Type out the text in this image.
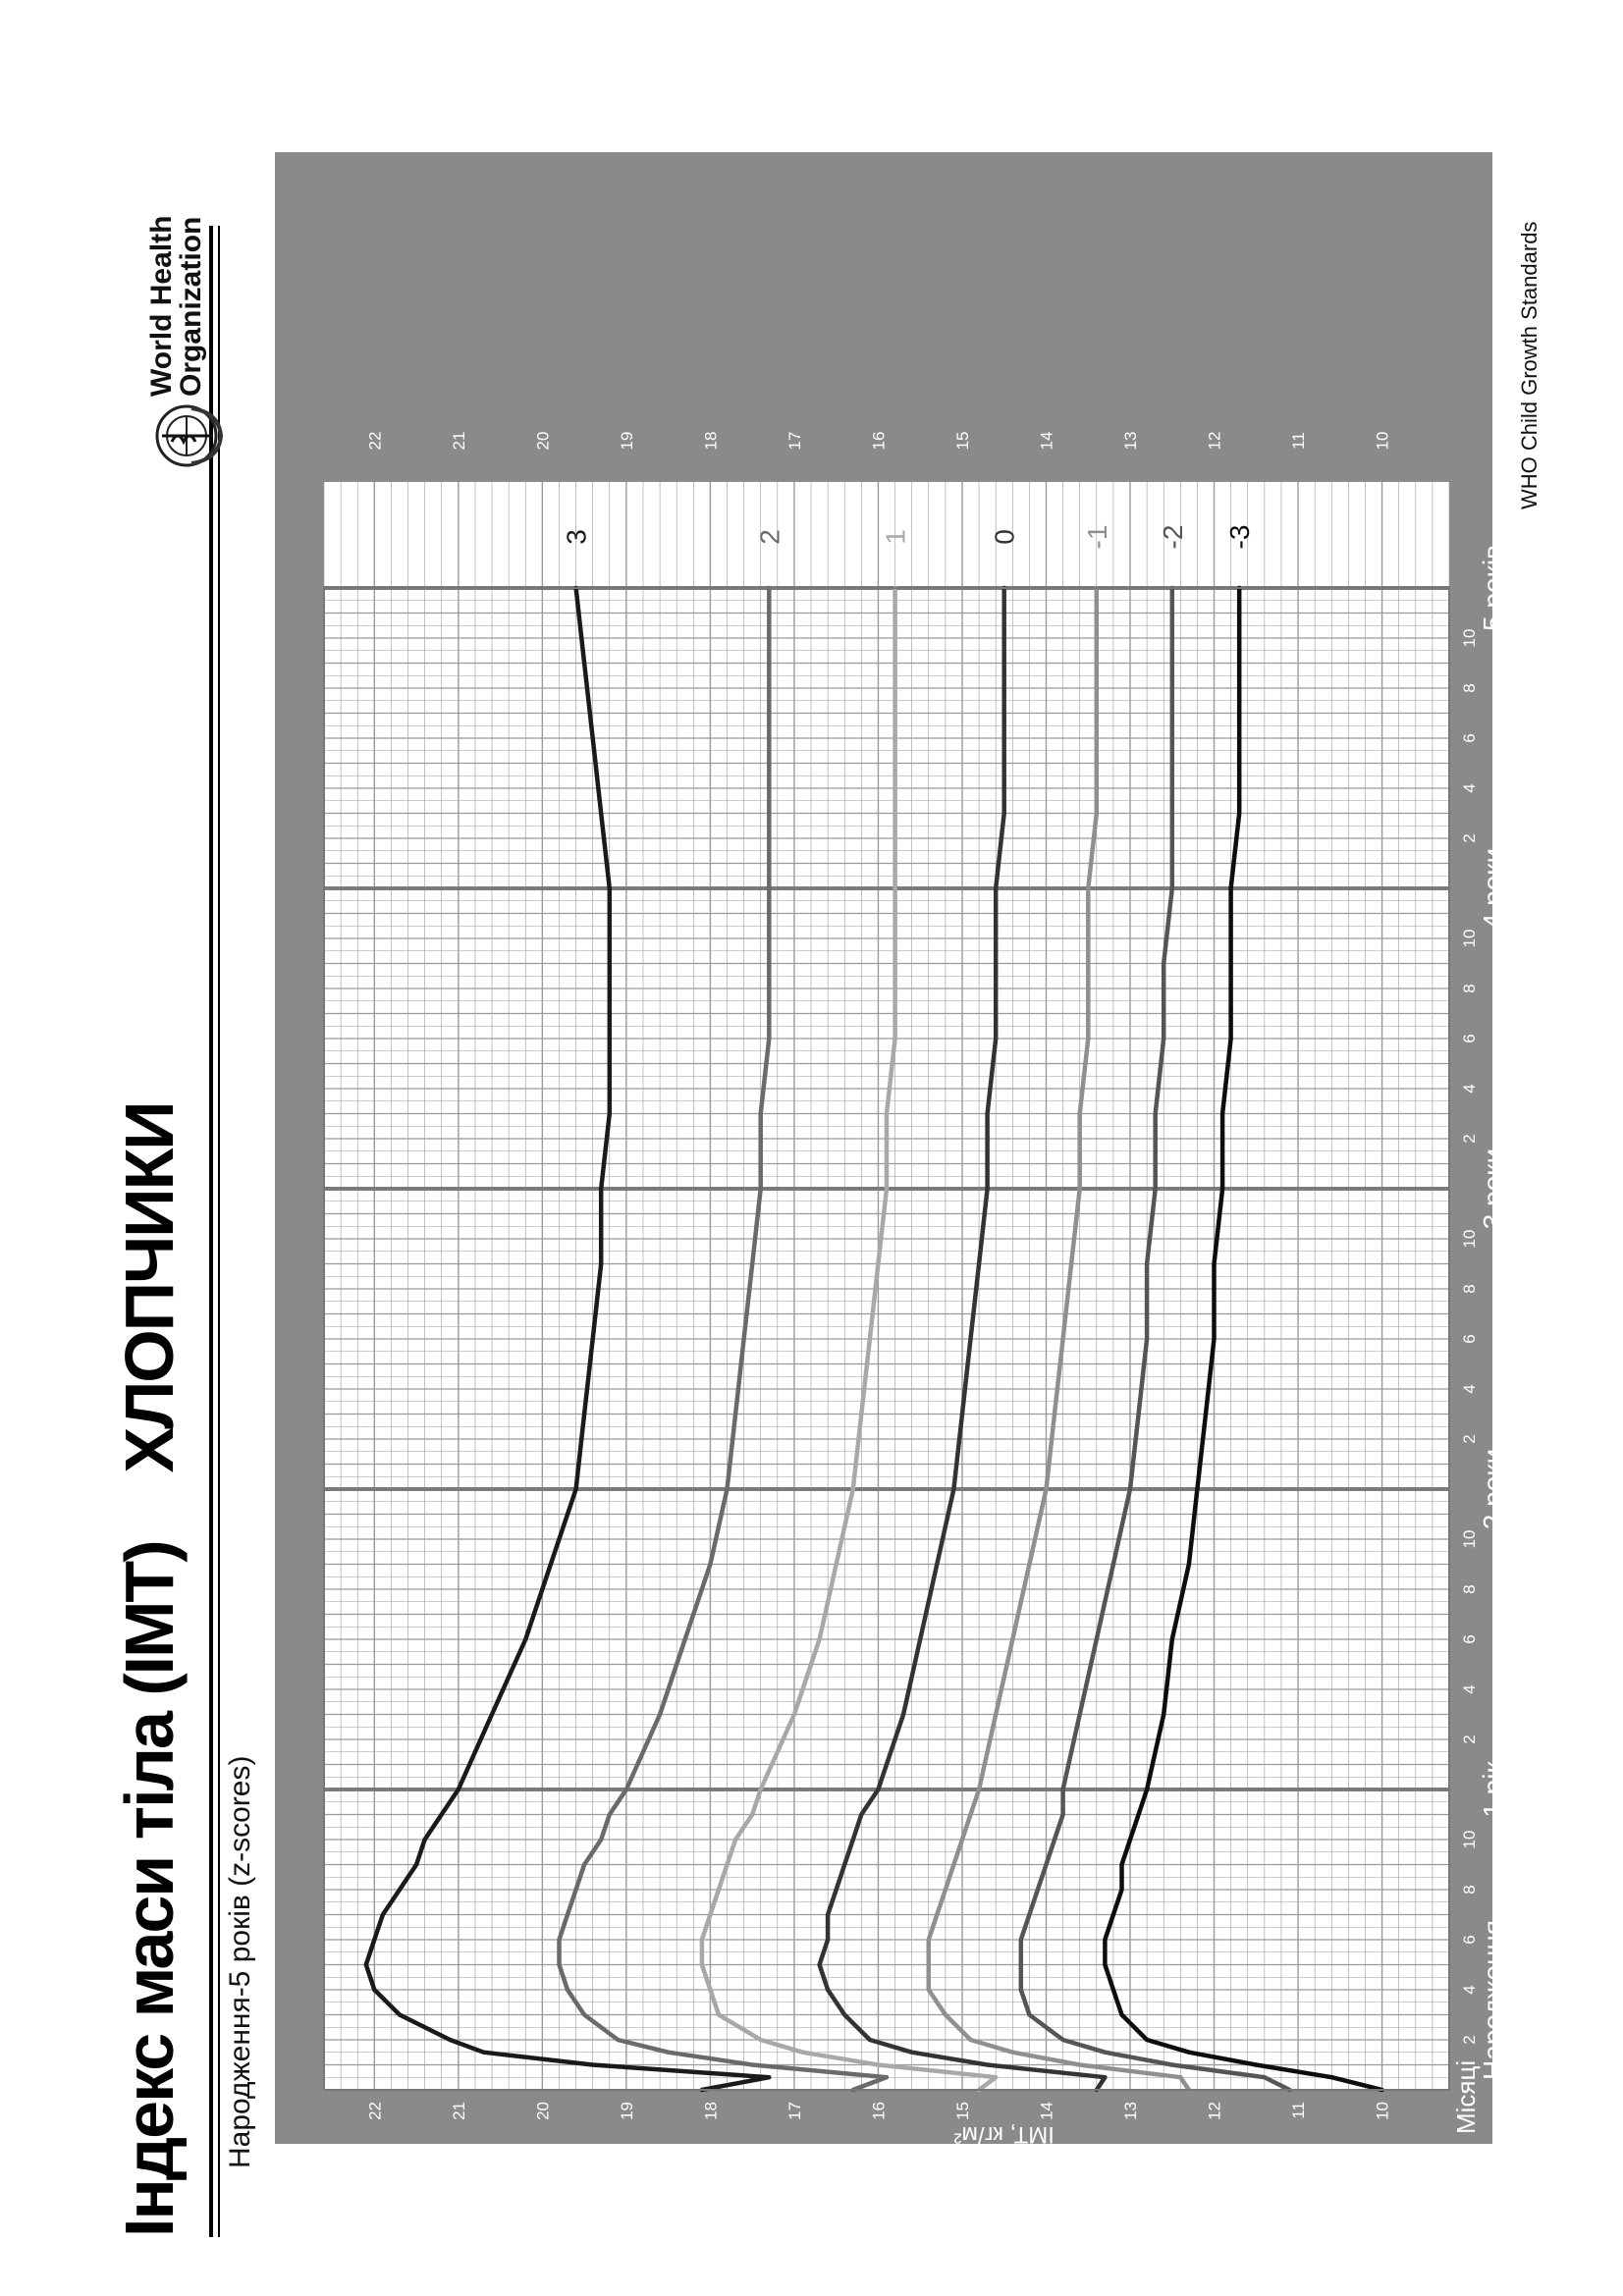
Індекс маси тіла (ІМТ)ХЛОПЧИКИ
Народження-5 років (z-scores)
World Health
Organization
10
10
11
11
12
12
13
13
14
14
15
15
16
16
17
17
18
18
19
19
20
20
21
21
22
22
2
4
6
8
10
2
4
6
8
10
2
4
6
8
10
2
4
6
8
10
2
4
6
8
10
Народження
1 рік
2 роки
3 роки
4 роки
5 років
Місяці
ВІК
ІМТ, кг/м²
3	2	1	0 -1 -2 -3
WHO Child Growth Standards
